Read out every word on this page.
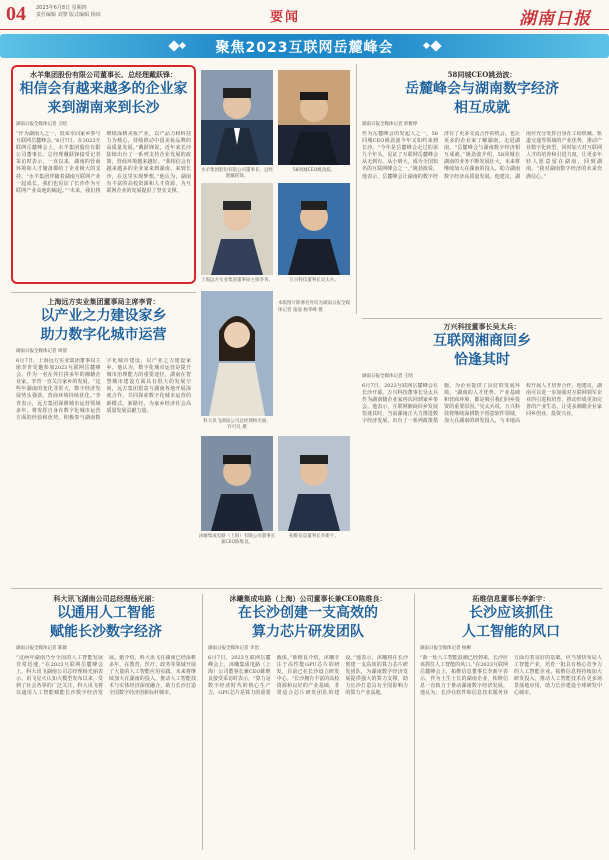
04 2023年6月8日 星期四
责任编辑 刘黎 版式编辑 杨琼	要闻	湖南日报
聚焦2023互联网岳麓峰会
水羊集团股份有限公司董事长、总经理戴跃锋：
相信会有越来越多的企业家
来到湖南来到长沙
湖南日报全媒体记者 王晗
“作为湖南人之一，很荣幸回家乡参与互联网岳麓峰会。”6月7日，在2023互联网岳麓峰会上，水羊集团股份有限公司董事长、总经理戴跃锋接受记者采访时表示，一直以来，湖南的营商环境和人才储备都给了企业极大的支持。“水羊集团伴随着湖南互联网产业一起成长，我们也见证了长沙作为互联网产业高地的崛起。”“未来，我们将继续深耕美妆产业，以产品力和科技力为核心，持续推动中国美妆品牌的高质量发展。”戴跃锋说，近年来长沙陆续出台了一系列支持企业发展的政策，营商环境越来越好。“我相信会有越来越多的企业家来到湖南、来到长沙，在这里实现梦想。”他认为，湖南有丰富的高校资源和人才资源，为互联网企业的发展提供了坚实支撑。
水羊集团股份有限公司董事长、总经理戴跃锋。
58同城CEO姚劲波。
上海远方实业集团董事局主席李青。	万兴科技董事长吴太兵。
科大讯飞湖南公司总经理杨光丽。 许可凡 摄
沐曦集成电路（上海）有限公司董事长兼CEO陈维良。
拓维信息董事长李新宇。
本版图片除署名外均为湖南日报全媒体记者 童迪 杨华峰 摄
58同城CEO姚劲波：
岳麓峰会与湖南数字经济
相互成就
湖南日报全媒体记者 彭雅婷
作为岳麓峰会的发起人之一，58同城CEO姚劲波今年又如约来到长沙。“今年是岳麓峰会走过的第九个年头，见证了互联网岳麓峰会从无到有、从小到大，成为全国知名的互联网峰会之一。”姚劲波说。他表示，岳麓峰会让湖南的数字经济有了更多交流合作的机会，也让更多的企业家了解湖南、走进湖南。“岳麓峰会与湖南数字经济相互成就。”姚劲波介绍，58同城在湖南的业务不断发展壮大，未来将继续加大在湖南的投入，助力湖南数字经济高质量发展。他建议，湖南应充分发挥自身在工程机械、轨道交通等领域的产业优势，推动产业数字化转型，同时加大对互联网人才的培养和引进力度，让更多年轻人愿意留在湖南、回到湖南。“我对湖南数字经济的未来充满信心。”
万兴科技董事长吴太兵：
互联网湘商回乡
恰逢其时
湖南日报全媒体记者 王晗
6月7日，2023互联网岳麓峰会在长沙开幕。万兴科技董事长吴太兵作为湖南籍企业家再次回到家乡参会。他表示，互联网湘商回乡发展恰逢其时，当前湖南正大力推进数字经济发展，出台了一系列政策措施，为企业提供了良好的发展环境。“湖南的人才优势、产业基础和营商环境，都是吸引我们回乡投资的重要原因。”吴太兵说，万兴科技将继续深耕数字创意软件领域，加大在湖南的研发投入，与本地高校开展人才培养合作。他建议，湖南可以进一步加强对互联网领军企业的引进和培育，推动形成更加完善的产业生态，让更多湘籍企业家回乡创业、投资兴业。
上海远方实业集团董事局主席李青：
以产业之力建设家乡
助力数字化城市运营
湖南日报全媒体记者 周倩
6月7日，上海远方实业集团董事局主席李青受邀参加2023互联网岳麓峰会。作为一名在外打拼多年的湘籍企业家，李青一直关注家乡的发展。“这些年湖南的变化非常大，数字经济发展势头强劲，营商环境持续优化。”李青表示，远方集团深耕城市运营领域多年，将发挥自身在数字化城市运营方面的经验和优势，积极参与湖南数字化城市建设，以产业之力建设家乡。他认为，数字化城市运营是提升城市治理能力的重要途径，湖南在智慧城市建设方面具有很大的发展空间，远方集团愿意与湖南各地开展深度合作，共同探索数字化城市运营的新模式、新路径，为家乡经济社会高质量发展贡献力量。
科大讯飞湖南公司总经理杨光丽：
以通用人工智能
赋能长沙数字经济
湖南日报全媒体记者 陈薇
“这两年湖南乃至全国的人工智能发展非常迅速。”在2023互联网岳麓峰会上，科大讯飞湖南公司总经理杨光丽表示，讯飞星火认知大模型发布以来，受到了社会各界的广泛关注，科大讯飞将以通用人工智能赋能长沙数字经济发展。她介绍，科大讯飞在湖南已经深耕多年，在教育、医疗、政务等领域开展了大量的人工智能应用实践。未来将继续加大在湖南的投入，推动人工智能技术与实体经济深度融合，助力长沙打造全国数字经济创新标杆城市。
沐曦集成电路（上海）公司董事长兼CEO陈维良：
在长沙创建一支高效的
算力芯片研发团队
湖南日报全媒体记者 李治
6月7日，2023互联网岳麓峰会上，沐曦集成电路（上海）公司董事长兼CEO陈维良接受采访时表示，“算力是数字经济时代的核心生产力，GPU芯片是算力的重要载体。”陈维良介绍，沐曦专注于高性能GPU芯片的研发，目前已在长沙设立研发中心。“长沙拥有丰富的高校资源和良好的产业基础，非常适合芯片研发团队的建设。”他表示，沐曦将在长沙创建一支高效的算力芯片研发团队，为湖南数字经济发展提供强大的算力支撑，助力长沙打造具有全国影响力的算力产业高地。
拓维信息董事长李新宇：
长沙应该抓住
人工智能的风口
湖南日报全媒体记者 杨柳
“新一轮人工智能浪潮已经到来，长沙应该抓住人工智能的风口。”在2023互联网岳麓峰会上，拓维信息董事长李新宇表示，作为土生土长的湖南企业，拓维信息一直致力于推动湖南数字经济发展。他认为，长沙在软件和信息技术服务业方面有着良好的基础，应当加快布局人工智能产业，培育一批具有核心竞争力的人工智能企业。拓维信息将持续加大研发投入，推动人工智能技术在更多场景落地应用，助力长沙建设全球研发中心城市。
